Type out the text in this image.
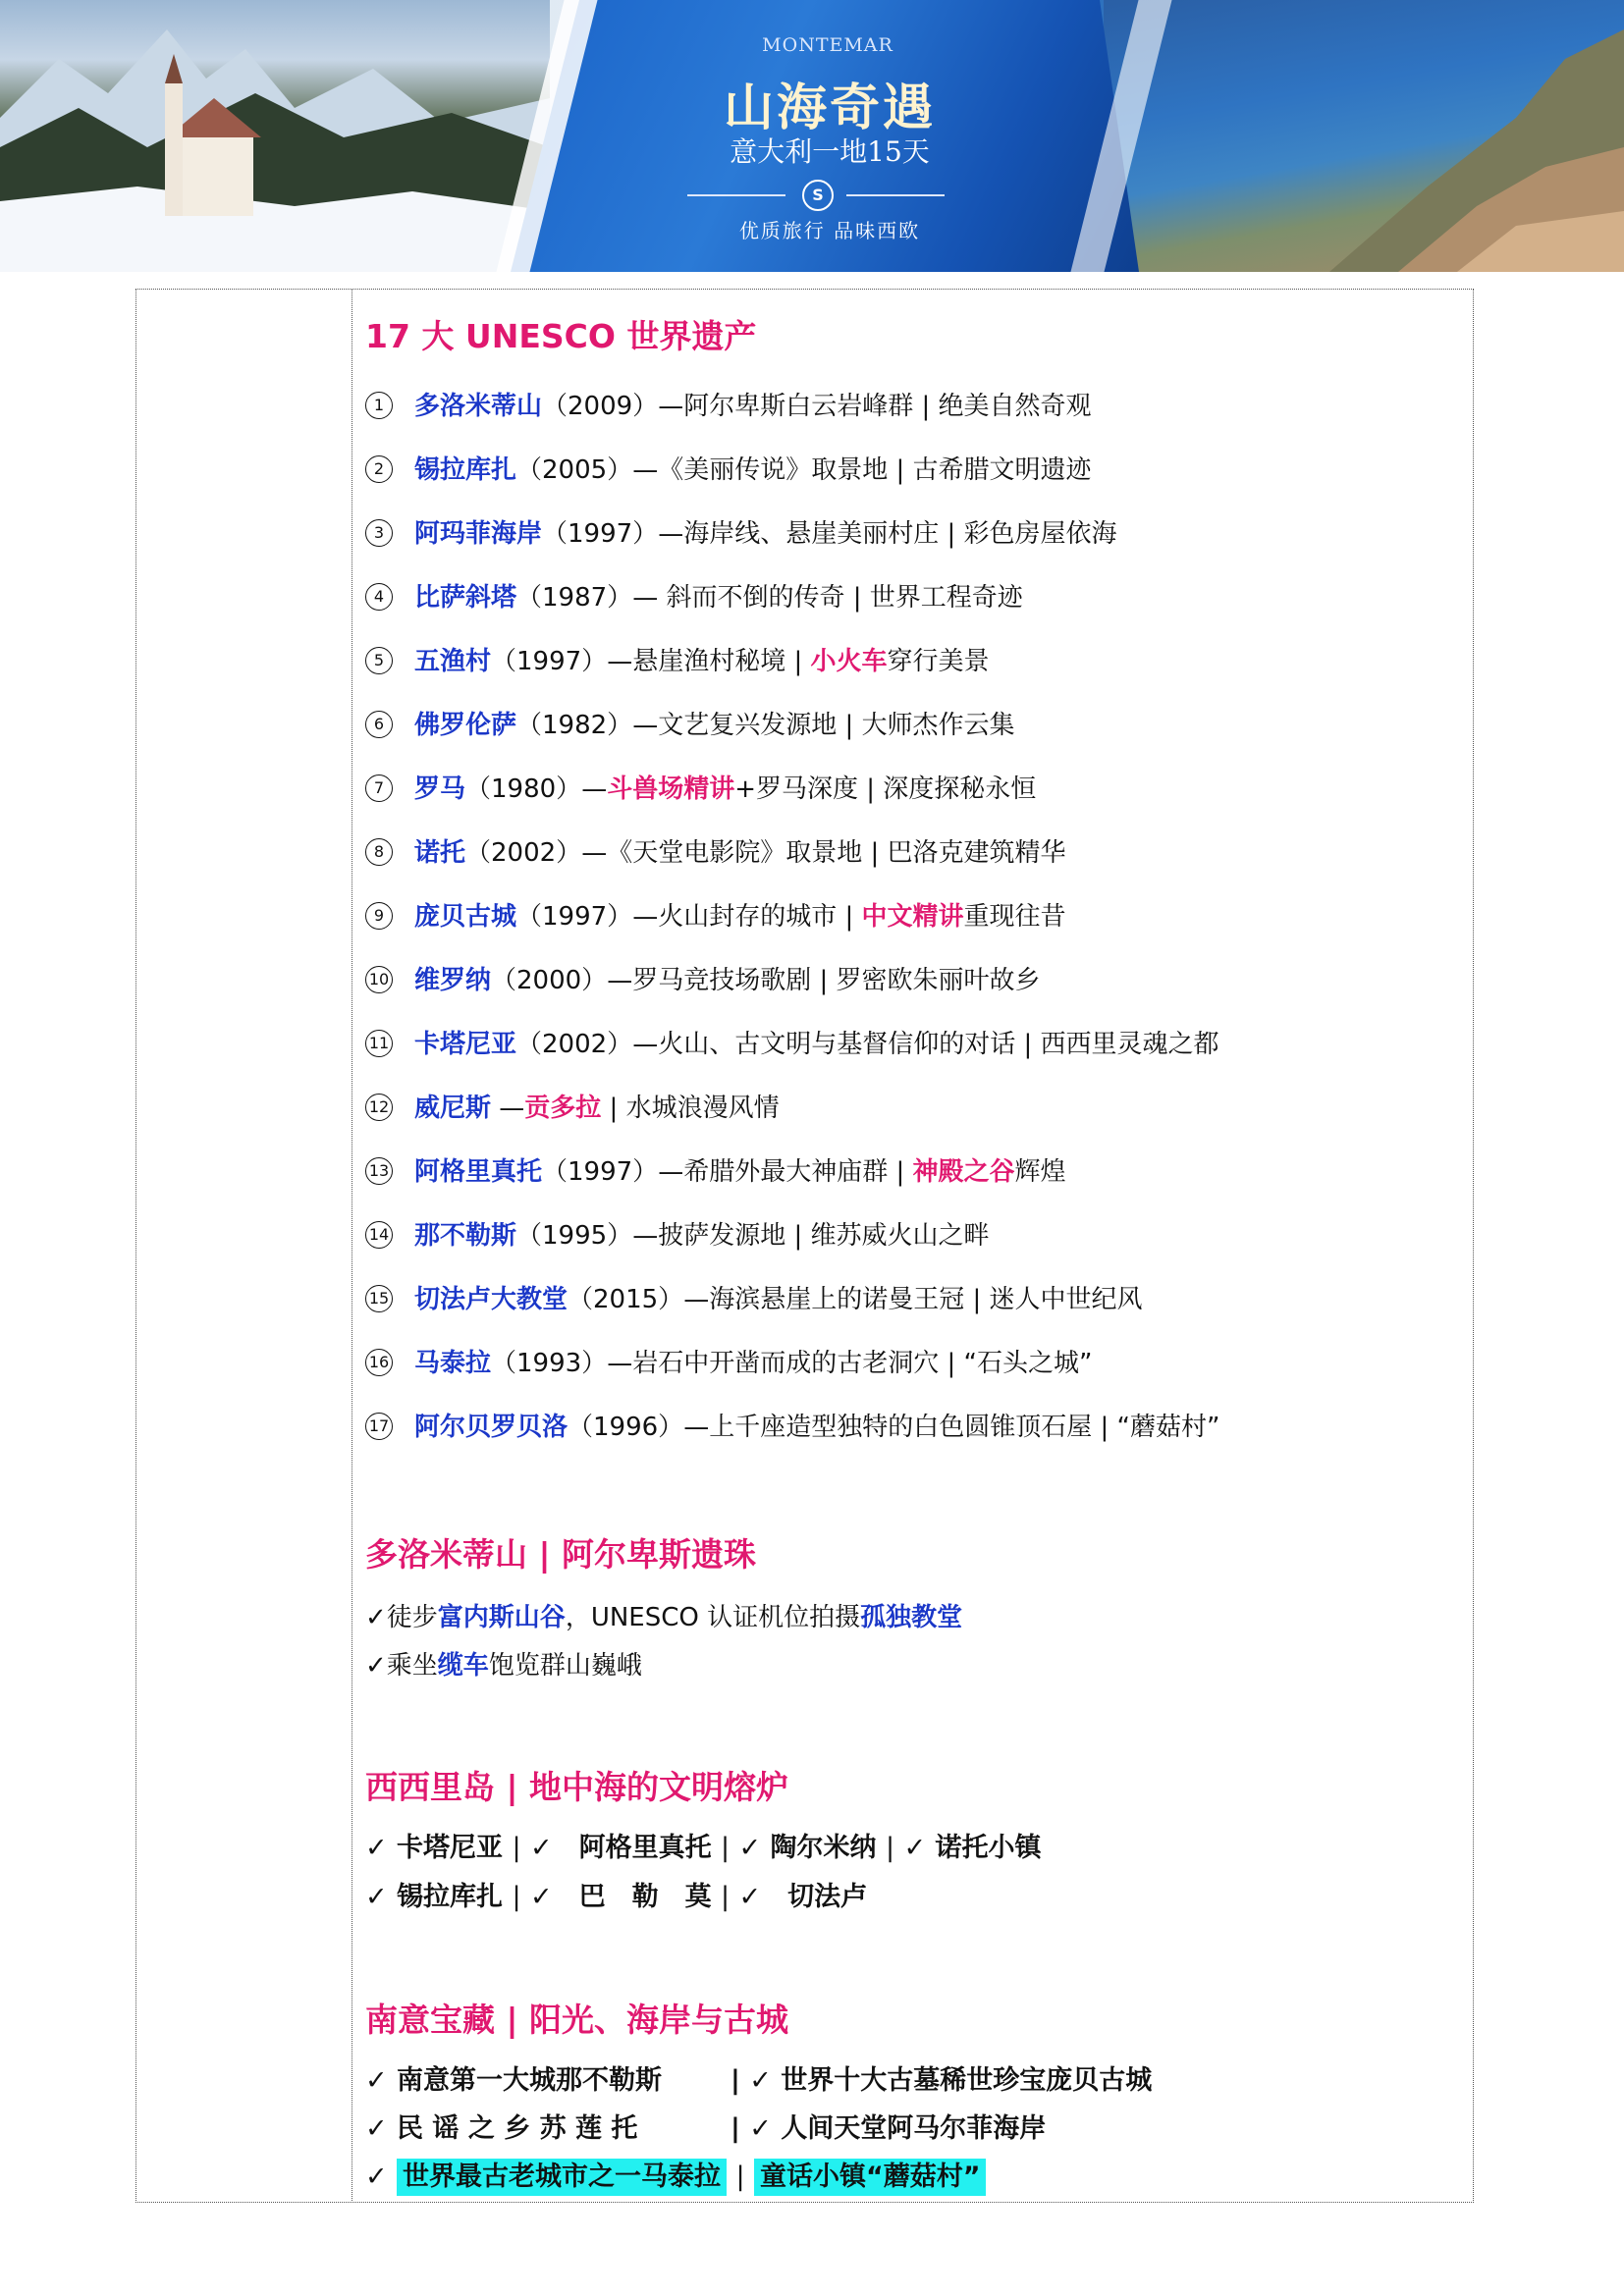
MONTEMAR
山海奇遇
意大利一地15天
S
优质旅行 品味西欧
17 大 UNESCO 世界遗产
1 多洛米蒂山（2009）—阿尔卑斯白云岩峰群 | 绝美自然奇观
2 锡拉库扎（2005）—《美丽传说》取景地 | 古希腊文明遗迹
3 阿玛菲海岸（1997）—海岸线、悬崖美丽村庄 | 彩色房屋依海
4 比萨斜塔（1987）— 斜而不倒的传奇 | 世界工程奇迹
5 五渔村（1997）—悬崖渔村秘境 | 小火车穿行美景
6 佛罗伦萨（1982）—文艺复兴发源地 | 大师杰作云集
7 罗马（1980）—斗兽场精讲+罗马深度 | 深度探秘永恒
8 诺托（2002）—《天堂电影院》取景地 | 巴洛克建筑精华
9 庞贝古城（1997）—火山封存的城市 | 中文精讲重现往昔
10 维罗纳（2000）—罗马竞技场歌剧 | 罗密欧朱丽叶故乡
11 卡塔尼亚（2002）—火山、古文明与基督信仰的对话 | 西西里灵魂之都
12 威尼斯 —贡多拉 | 水城浪漫风情
13 阿格里真托（1997）—希腊外最大神庙群 | 神殿之谷辉煌
14 那不勒斯（1995）—披萨发源地 | 维苏威火山之畔
15 切法卢大教堂（2015）—海滨悬崖上的诺曼王冠 | 迷人中世纪风
16 马泰拉（1993）—岩石中开凿而成的古老洞穴 | “石头之城”
17 阿尔贝罗贝洛（1996）—上千座造型独特的白色圆锥顶石屋 | “蘑菇村”
多洛米蒂山 | 阿尔卑斯遗珠
✓徒步富内斯山谷，UNESCO 认证机位拍摄孤独教堂
✓乘坐缆车饱览群山巍峨
西西里岛 | 地中海的文明熔炉
✓ 卡塔尼亚 | ✓　阿格里真托 | ✓ 陶尔米纳 | ✓ 诺托小镇
✓ 锡拉库扎 | ✓　巴　勒　莫 | ✓　切法卢
南意宝藏 | 阳光、海岸与古城
✓ 南意第一大城那不勒斯	| ✓ 世界十大古墓稀世珍宝庞贝古城
✓ 民 谣 之 乡 苏 莲 托	| ✓ 人间天堂阿马尔菲海岸
✓ 世界最古老城市之一马泰拉 | 童话小镇“蘑菇村”
